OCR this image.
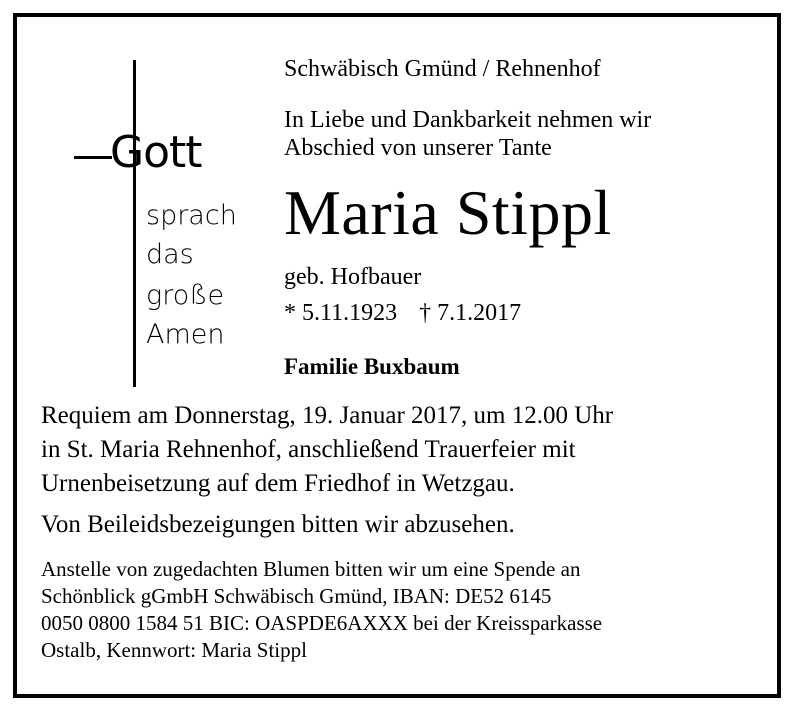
Gott
sprach
das
große
Amen
Schwäbisch Gmünd / Rehnenhof
In Liebe und Dankbarkeit nehmen wir
Abschied von unserer Tante
Maria Stippl
geb. Hofbauer
* 5.11.1923 † 7.1.2017
Familie Buxbaum
Requiem am Donnerstag, 19. Januar 2017, um 12.00 Uhr
in St. Maria Rehnenhof, anschließend Trauerfeier mit
Urnenbeisetzung auf dem Friedhof in Wetzgau.
Von Beileidsbezeigungen bitten wir abzusehen.
Anstelle von zugedachten Blumen bitten wir um eine Spende an
Schönblick gGmbH Schwäbisch Gmünd, IBAN: DE52 6145
0050 0800 1584 51 BIC: OASPDE6AXXX bei der Kreissparkasse
Ostalb, Kennwort: Maria Stippl
